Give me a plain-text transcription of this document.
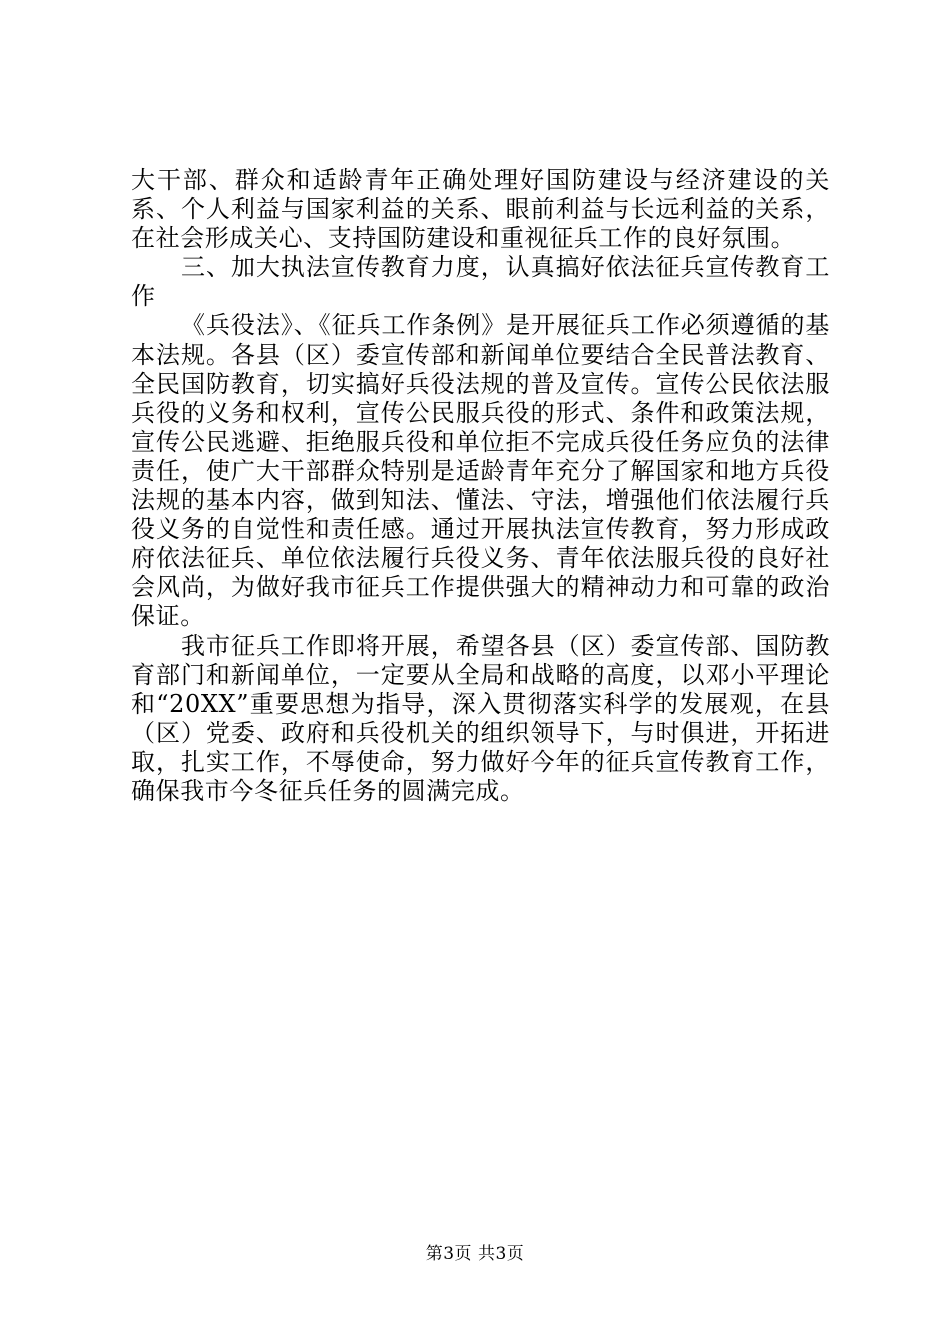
大干部、群众和适龄青年正确处理好国防建设与经济建设的关系、个人利益与国家利益的关系、眼前利益与长远利益的关系，在社会形成关心、支持国防建设和重视征兵工作的良好氛围。

三、加大执法宣传教育力度，认真搞好依法征兵宣传教育工作

《兵役法》、《征兵工作条例》是开展征兵工作必须遵循的基本法规。各县（区）委宣传部和新闻单位要结合全民普法教育、全民国防教育，切实搞好兵役法规的普及宣传。宣传公民依法服兵役的义务和权利，宣传公民服兵役的形式、条件和政策法规，宣传公民逃避、拒绝服兵役和单位拒不完成兵役任务应负的法律责任，使广大干部群众特别是适龄青年充分了解国家和地方兵役法规的基本内容，做到知法、懂法、守法，增强他们依法履行兵役义务的自觉性和责任感。通过开展执法宣传教育，努力形成政府依法征兵、单位依法履行兵役义务、青年依法服兵役的良好社会风尚，为做好我市征兵工作提供强大的精神动力和可靠的政治保证。

我市征兵工作即将开展，希望各县（区）委宣传部、国防教育部门和新闻单位，一定要从全局和战略的高度，以邓小平理论和“20XX”重要思想为指导，深入贯彻落实科学的发展观，在县（区）党委、政府和兵役机关的组织领导下，与时俱进，开拓进取，扎实工作，不辱使命，努力做好今年的征兵宣传教育工作，确保我市今冬征兵任务的圆满完成。

第3页 共3页
